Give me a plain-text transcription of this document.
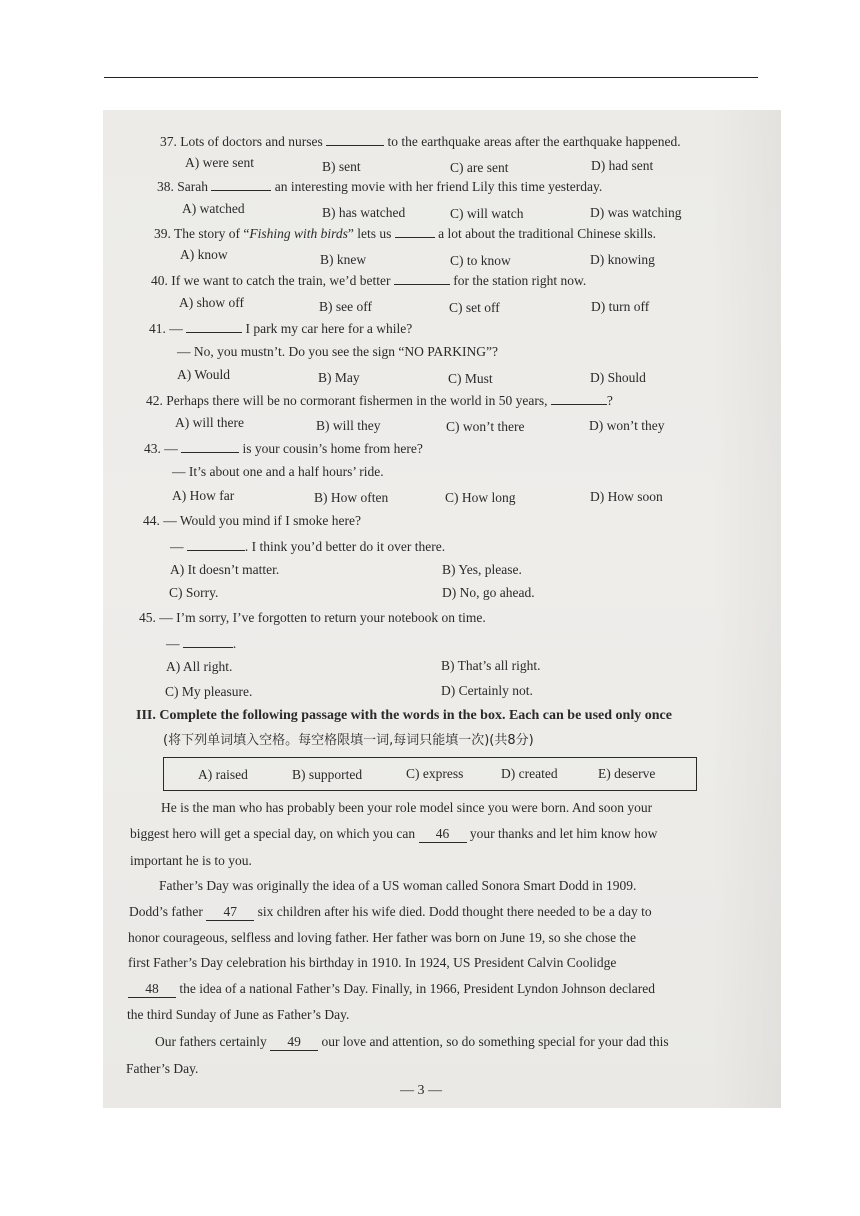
37. Lots of doctors and nurses	to the earthquake areas after the earthquake happened.
A) were sent	B) sent	C) are sent	D) had sent
38. Sarah	an interesting movie with her friend Lily this time yesterday.
A) watched	B) has watched	C) will watch	D) was watching
39. The story of “Fishing with birds” lets us	a lot about the traditional Chinese skills.
A) know	B) knew	C) to know	D) knowing
40. If we want to catch the train, we’d better	for the station right now.
A) show off	B) see off	C) set off	D) turn off
41. —	I park my car here for a while?
— No, you mustn’t. Do you see the sign “NO PARKING”?
A) Would	B) May	C) Must	D) Should
42. Perhaps there will be no cormorant fishermen in the world in 50 years,	?
A) will there	B) will they	C) won’t there	D) won’t they
43. —	is your cousin’s home from here?
— It’s about one and a half hours’ ride.
A) How far	B) How often	C) How long	D) How soon
44. — Would you mind if I smoke here?
—	. I think you’d better do it over there.
A) It doesn’t matter.	B) Yes, please.
C) Sorry.	D) No, go ahead.
45. — I’m sorry, I’ve forgotten to return your notebook on time.
—	.
A) All right.	B) That’s all right.
C) My pleasure.	D) Certainly not.
III. Complete the following passage with the words in the box. Each can be used only once
(将下列单词填入空格。每空格限填一词,每词只能填一次)(共8分)
A) raised	B) supported	C) express	D) created	E) deserve
He is the man who has probably been your role model since you were born. And soon your
biggest hero will get a special day, on which you can 46 your thanks and let him know how
important he is to you.
Father’s Day was originally the idea of a US woman called Sonora Smart Dodd in 1909.
Dodd’s father 47 six children after his wife died. Dodd thought there needed to be a day to
honor courageous, selfless and loving father. Her father was born on June 19, so she chose the
first Father’s Day celebration his birthday in 1910. In 1924, US President Calvin Coolidge
48 the idea of a national Father’s Day. Finally, in 1966, President Lyndon Johnson declared
the third Sunday of June as Father’s Day.
Our fathers certainly 49 our love and attention, so do something special for your dad this
Father’s Day.
— 3 —
